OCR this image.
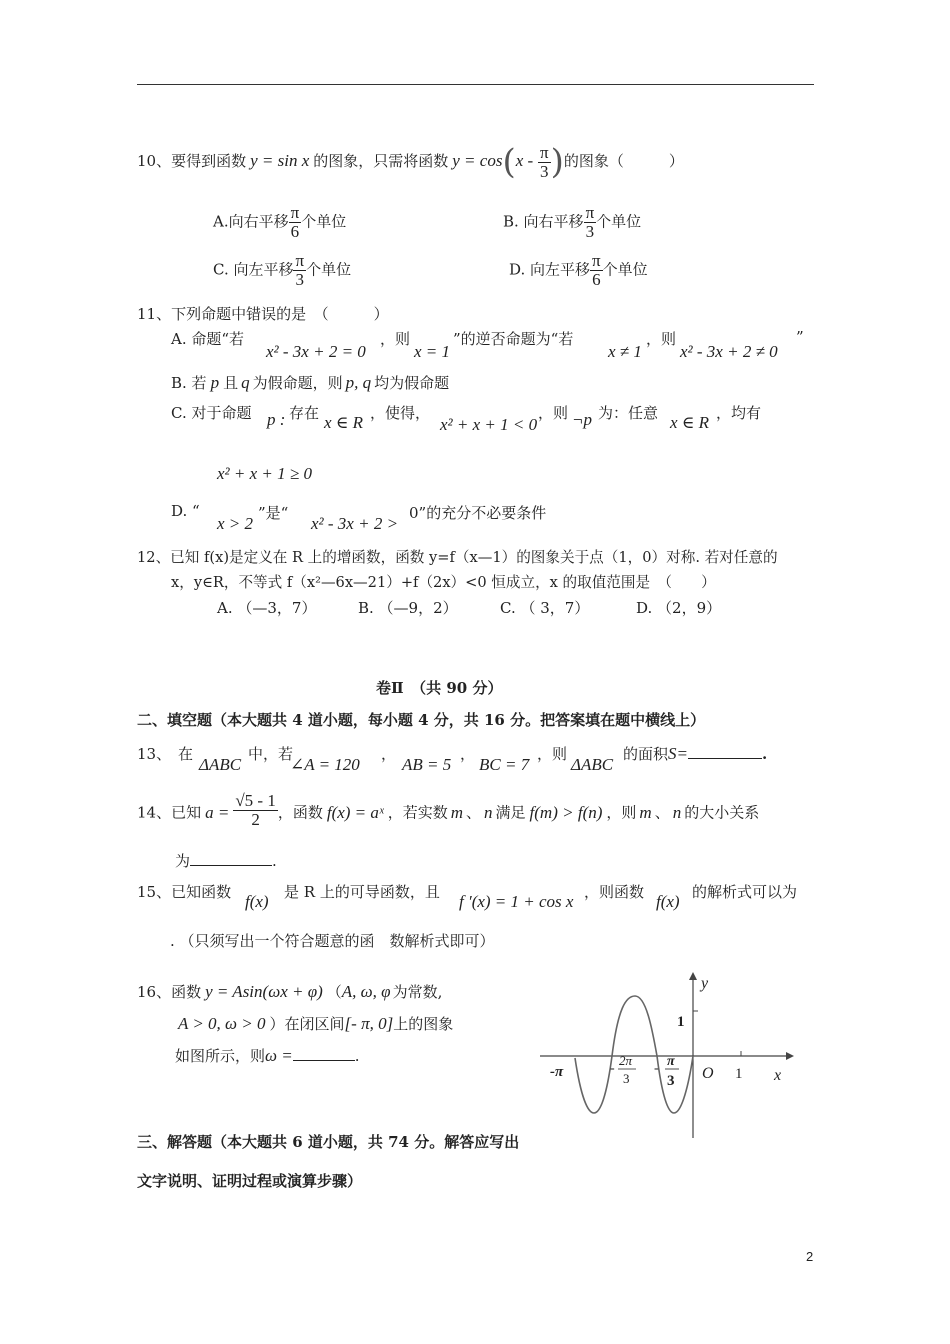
10、要得到函数 y = sin x 的图象，只需将函数 $y = \cos(x - \frac{\pi}{3}$ )的图象（　　　）
A.向右平移 $\frac{\pi}{6}$ 个单位	B. 向右平移 $\frac{\pi}{3}$ 个单位
C. 向左平移 $\frac{\pi}{3}$ 个单位	D. 向左平移 $\frac{\pi}{6}$ 个单位
11、下列命题中错误的是　（　　　）
A. 命题“若
x² - 3x + 2 = 0
，则
x = 1
”的逆否命题为“若
x ≠ 1
，则
x² - 3x + 2 ≠ 0
”
B. 若 p 且 q 为假命题，则 p, q 均为假命题
C. 对于命题 p : 存在 x ∈ R ，使得，
x² + x + 1 < 0
，则 ¬p 为：任意 x ∈ R ，均有
x² + x + 1 ≥ 0
D. “
x > 2
”是“
x² - 3x + 2 >
0”的充分不必要条件
12、已知 f(x)是定义在 R 上的增函数，函数 y=f（x—1）的图象关于点（1，0）对称. 若对任意的
x，y∈R，不等式 f（x²—6x—21）+f（2x）<0 恒成立，x 的取值范围是　（　　）
A. （—3，7）	B. （—9，2）	C. （ 3，7）	D. （2，9）
卷Ⅱ　（共 90 分）
二、填空题（本大题共 4 道小题，每小题 4 分，共 16 分。把答案填在题中横线上）
13、 在
ΔABC
中，若
∠A = 120
，
AB = 5
，
BC = 7
，则
ΔABC
的面积S=	.
14、已知 $a = \frac{√5 - 1}{2}$ ，函数 f(x) = aˣ ，若实数 m 、 n 满足 f(m) > f(n) ，则 m 、 n 的大小关系
为	.
15、已知函数 f(x) 是 R 上的可导函数，且 f ′(x) = 1 + cos x ，则函数 f(x) 的解析式可以为
. （只须写出一个符合题意的函　数解析式即可）
16、函数 y = Asin(ωx + φ) （A, ω, φ 为常数,
A > 0, ω > 0 ）在闭区间[- π, 0]上的图象
如图所示，则ω =	.
y
x
1
-π	-
2π
3
- π
3 O 1
三、解答题（本大题共 6 道小题，共 74 分。解答应写出
文字说明、证明过程或演算步骤）
2
